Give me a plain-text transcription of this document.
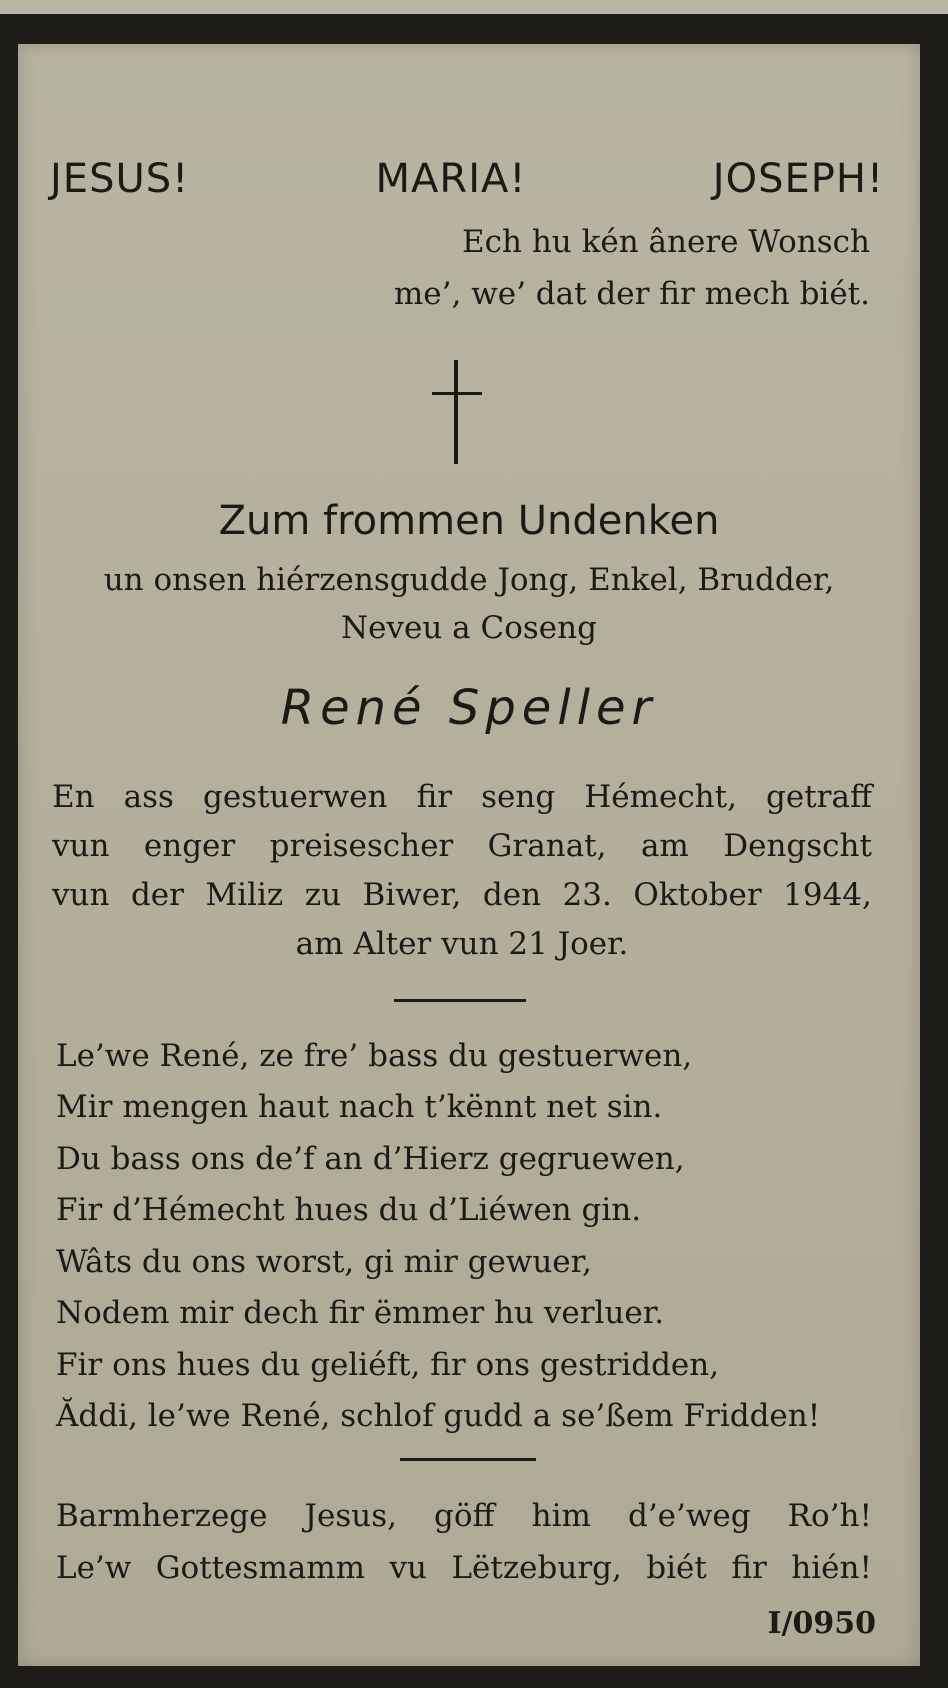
JESUS!	MARIA!	JOSEPH!
Ech hu kén ânere Wonsch
me’, we’ dat der fir mech biét.
Zum frommen Undenken
un onsen hiérzensgudde Jong, Enkel, Brudder,
Neveu a Coseng
René Speller
En ass gestuerwen fir seng Hémecht, getraff
vun enger preisescher Granat, am Dengscht
vun der Miliz zu Biwer, den 23. Oktober 1944,
am Alter vun 21 Joer.
Le’we René, ze fre’ bass du gestuerwen,
Mir mengen haut nach t’kënnt net sin.
Du bass ons de’f an d’Hierz gegruewen,
Fir d’Hémecht hues du d’Liéwen gin.
Wâts du ons worst, gi mir gewuer,
Nodem mir dech fir ëmmer hu verluer.
Fir ons hues du geliéft, fir ons gestridden,
Ăddi, le’we René, schlof gudd a se’ßem Fridden!
Barmherzege Jesus, göff him d’e’weg Ro’h!
Le’w Gottesmamm vu Lëtzeburg, biét fir hién!
I/0950
